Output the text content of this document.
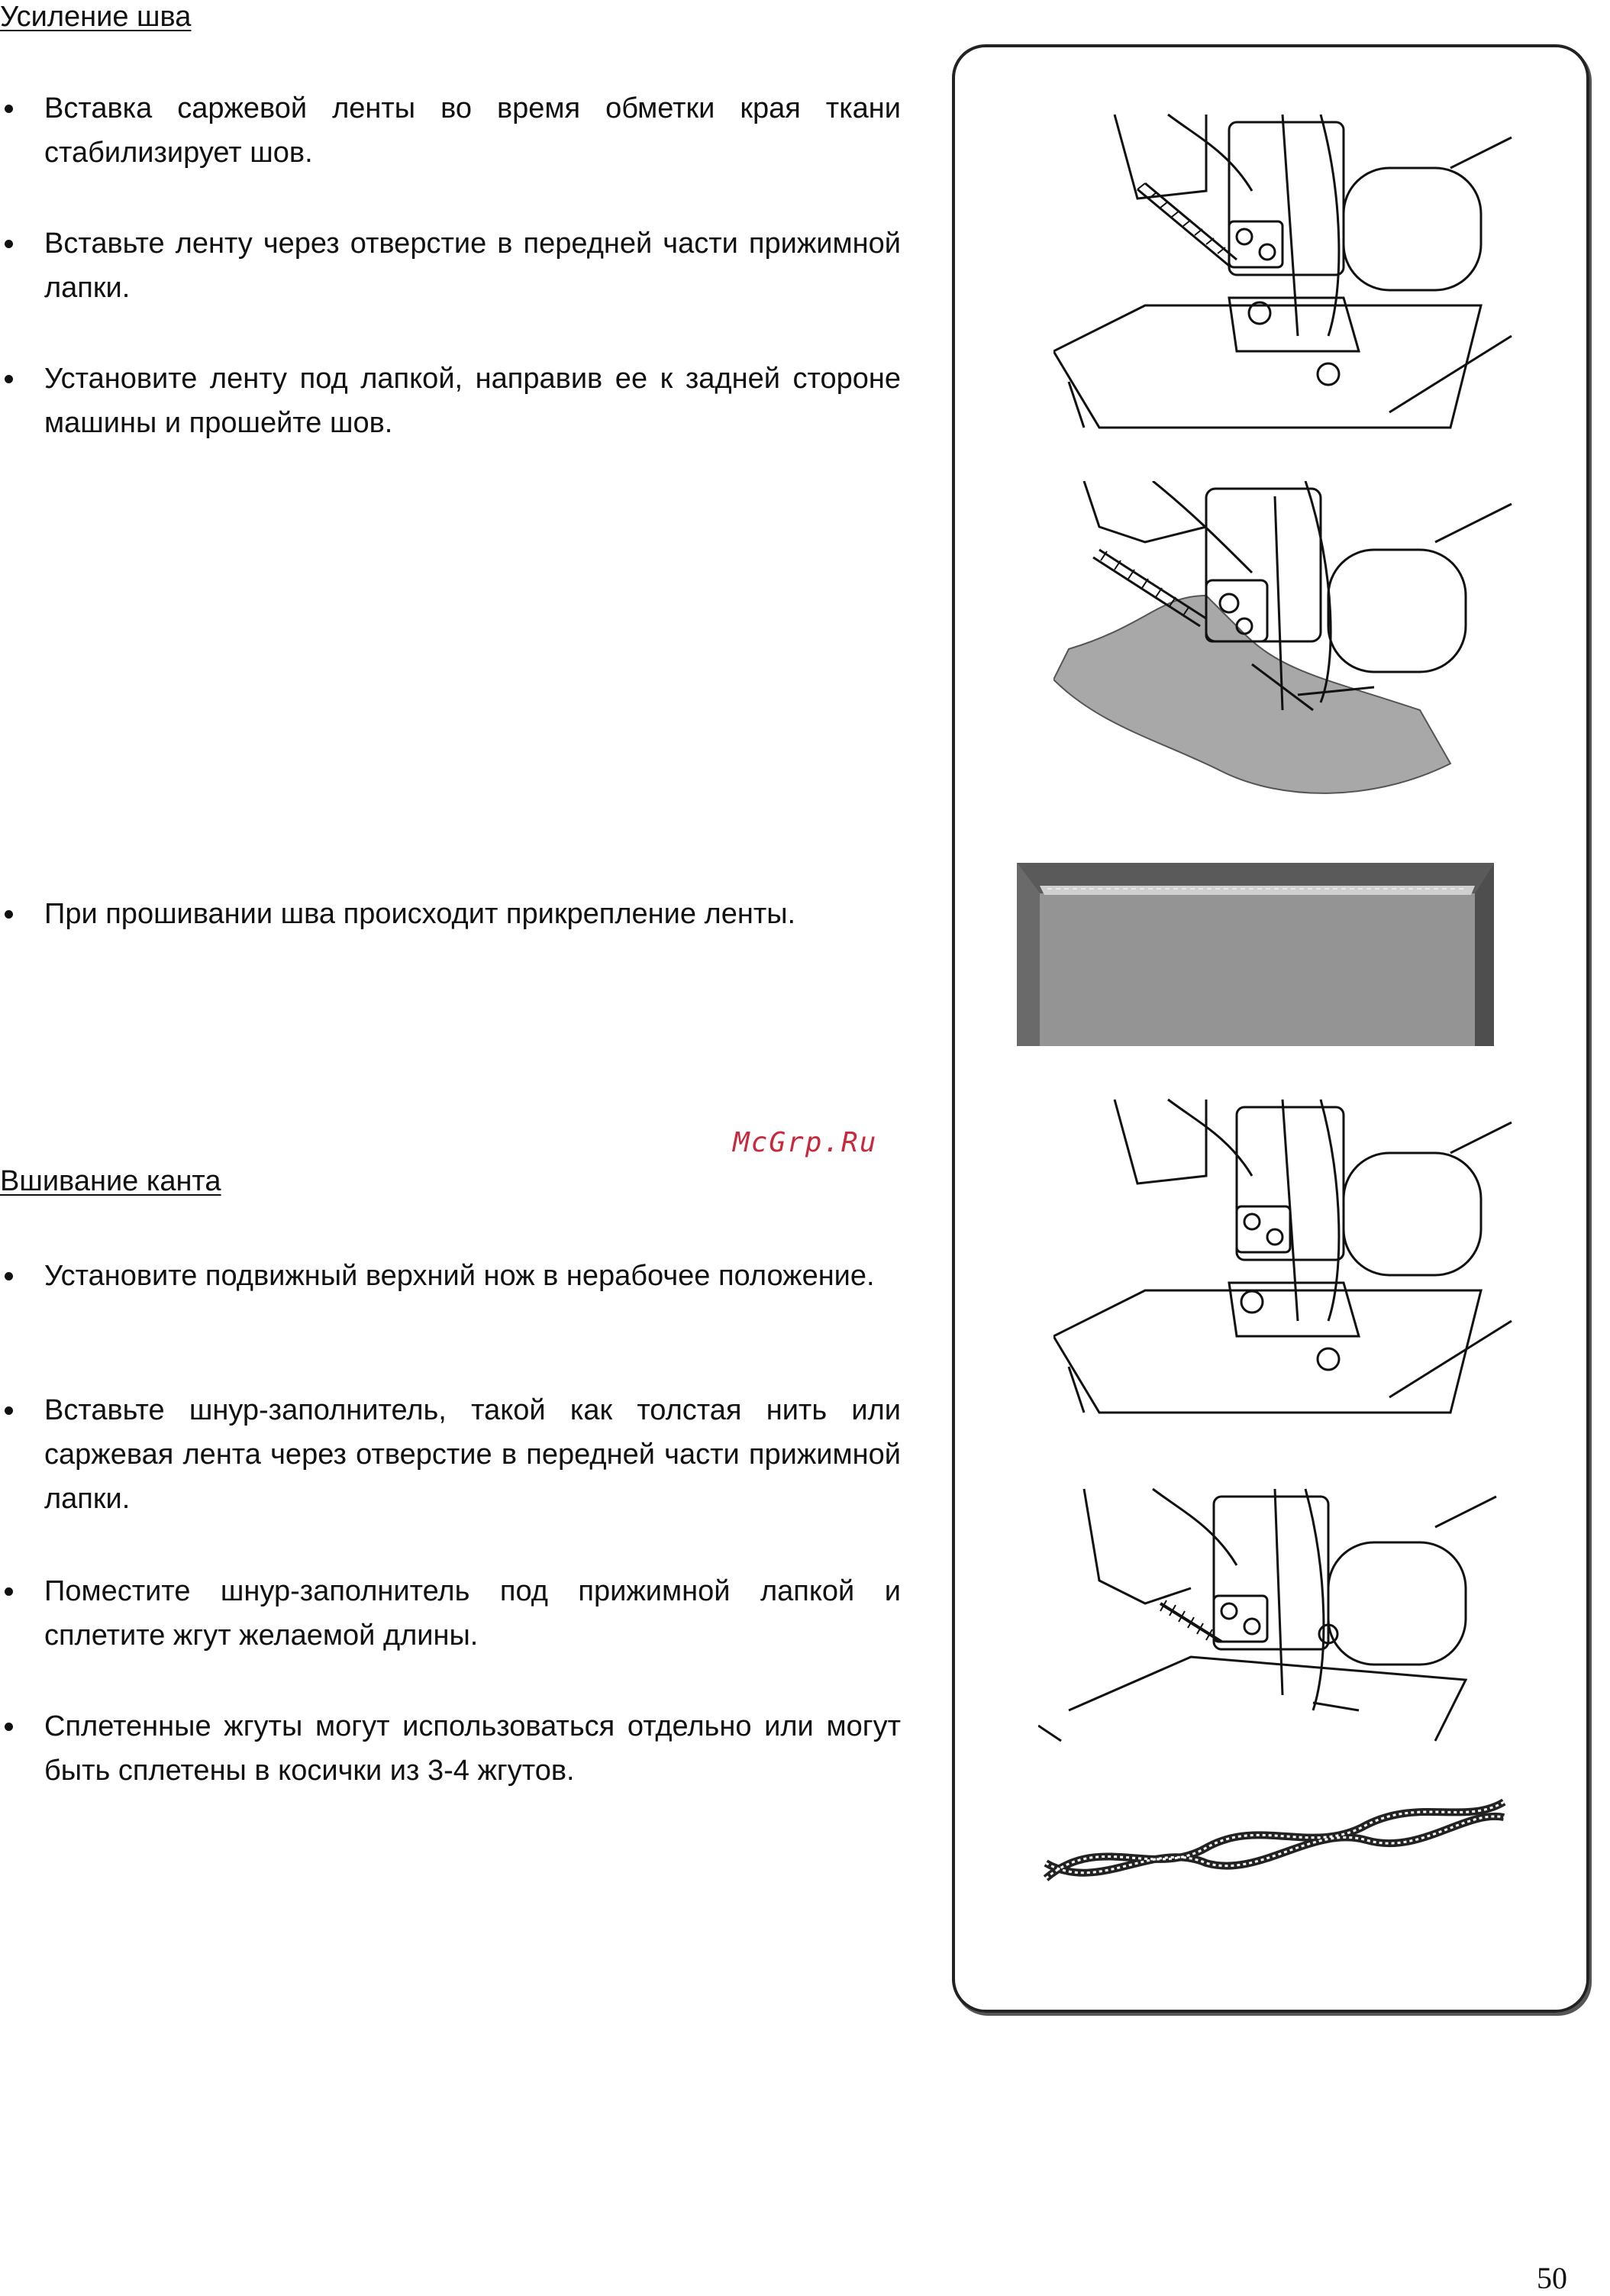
Усиление шва
Вставка саржевой ленты во время обметки края ткани стабилизирует шов.
Вставьте ленту через отверстие в передней части прижимной лапки.
Установите ленту под лапкой, направив ее к задней стороне машины и прошейте шов.
При прошивании шва происходит прикрепление ленты.
McGrp.Ru
Вшивание канта
Установите подвижный верхний нож в нерабочее положение.
Вставьте шнур-заполнитель, такой как толстая нить или саржевая лента через отверстие в передней части прижимной лапки.
Поместите шнур-заполнитель под прижимной лапкой и сплетите жгут желаемой длины.
Сплетенные жгуты могут использоваться отдельно или могут быть сплетены в косички из 3-4 жгутов.
50
